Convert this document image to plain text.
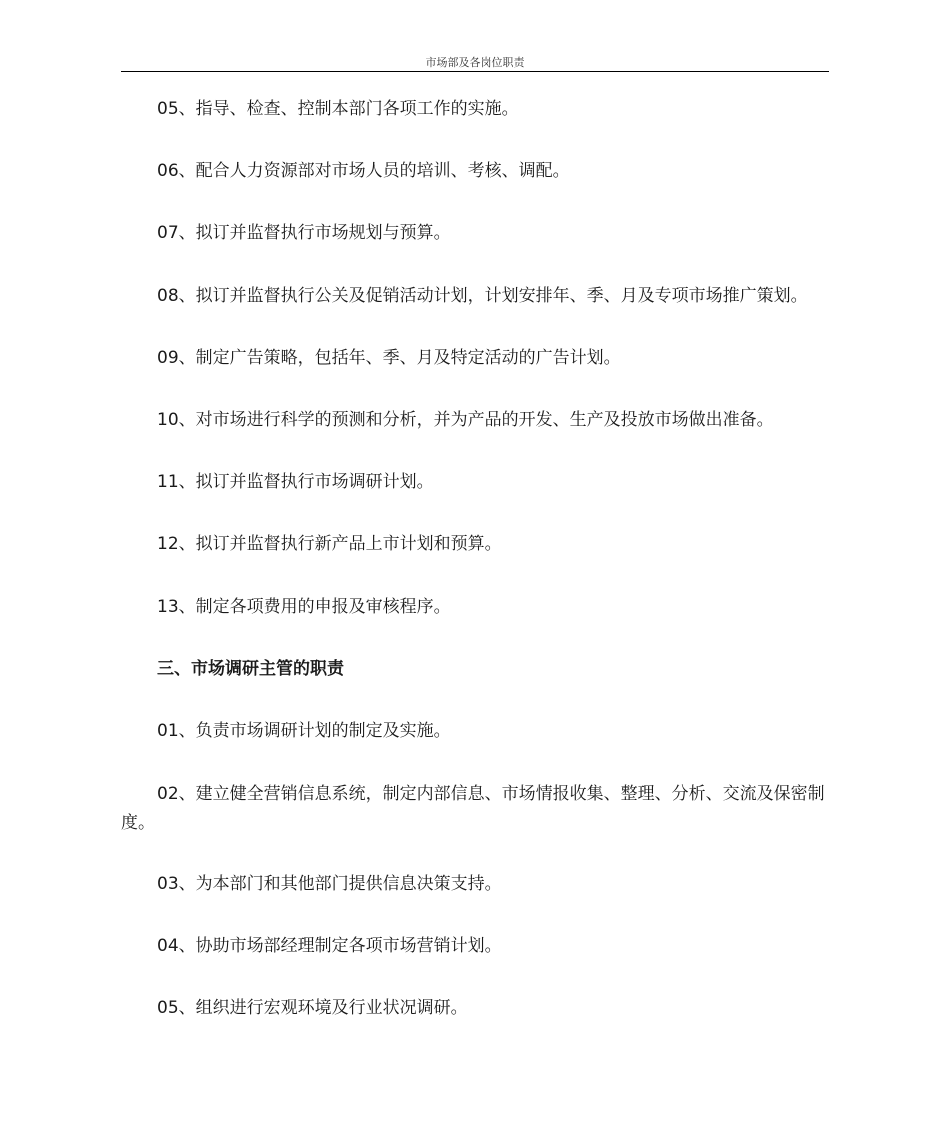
市场部及各岗位职责

05、指导、检查、控制本部门各项工作的实施。

06、配合人力资源部对市场人员的培训、考核、调配。

07、拟订并监督执行市场规划与预算。

08、拟订并监督执行公关及促销活动计划，计划安排年、季、月及专项市场推广策划。

09、制定广告策略，包括年、季、月及特定活动的广告计划。

10、对市场进行科学的预测和分析，并为产品的开发、生产及投放市场做出准备。

11、拟订并监督执行市场调研计划。

12、拟订并监督执行新产品上市计划和预算。

13、制定各项费用的申报及审核程序。

三、市场调研主管的职责

01、负责市场调研计划的制定及实施。

02、建立健全营销信息系统，制定内部信息、市场情报收集、整理、分析、交流及保密制度。

03、为本部门和其他部门提供信息决策支持。

04、协助市场部经理制定各项市场营销计划。

05、组织进行宏观环境及行业状况调研。
